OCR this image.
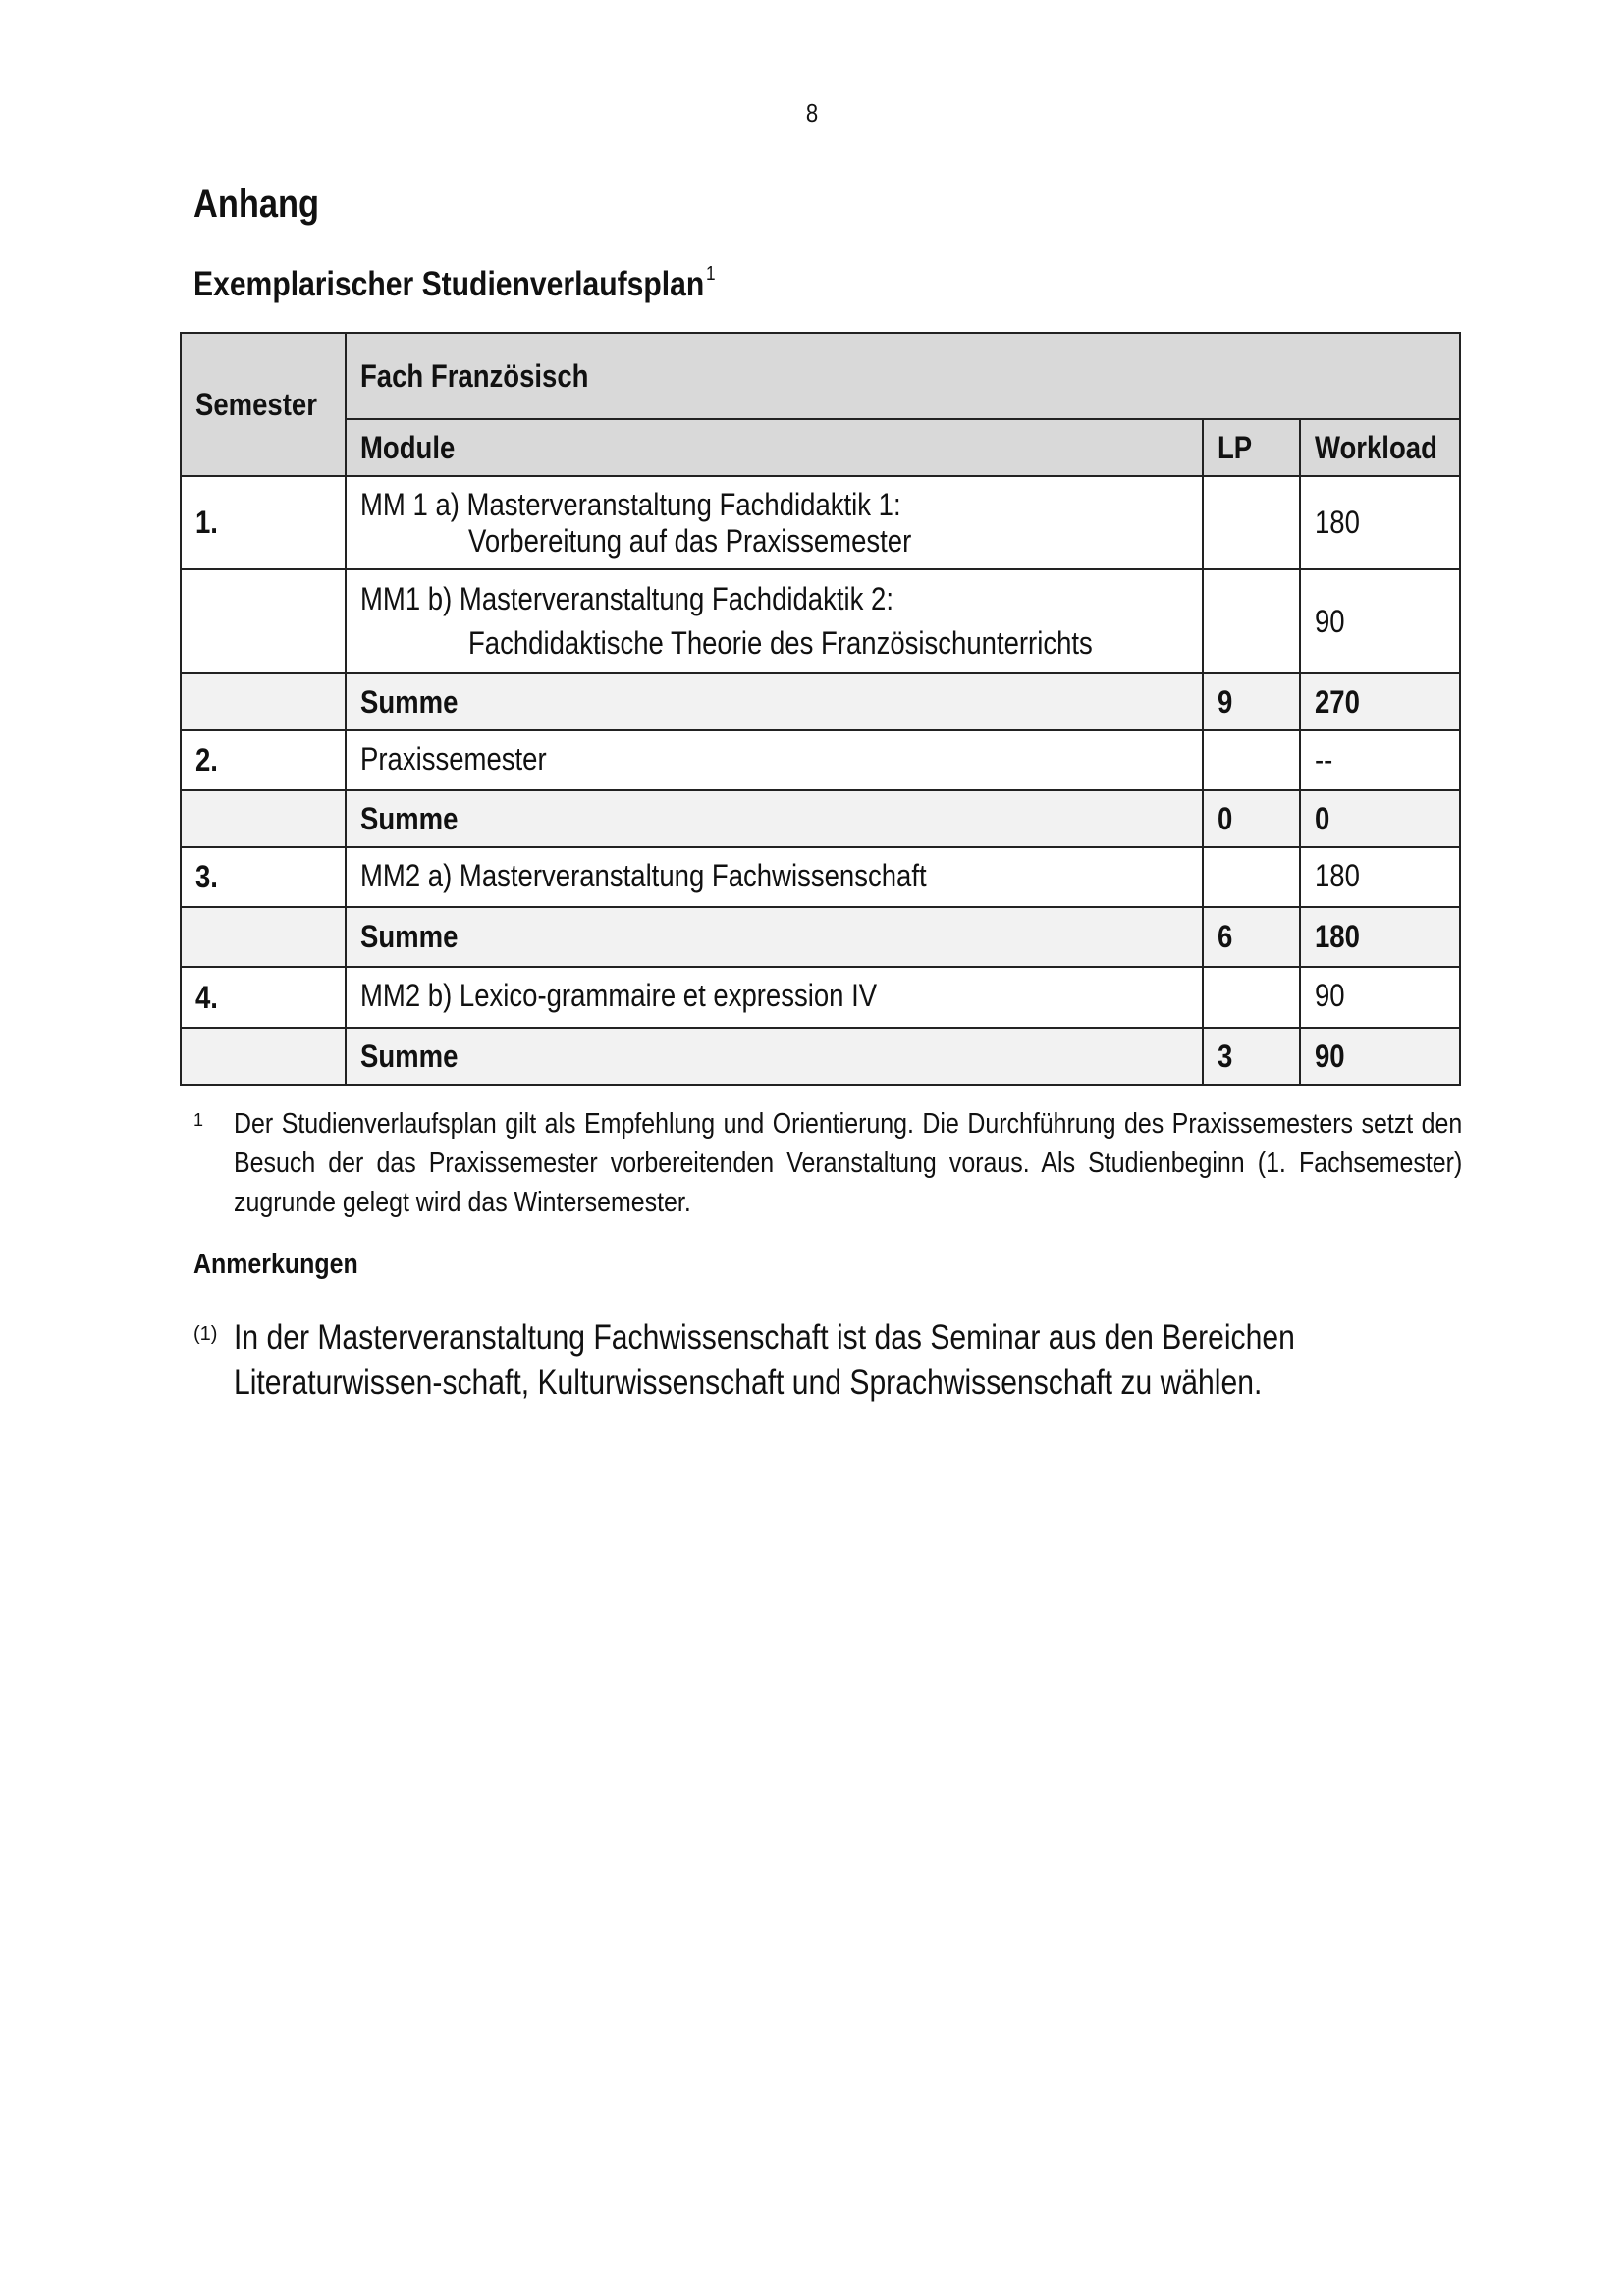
8
Anhang
Exemplarischer Studienverlaufsplan$^1$
Semester	Fach Französisch		
	Module	LP	Workload
1.	MM 1 a) Masterveranstaltung Fachdidaktik 1:
Vorbereitung auf das Praxissemester		180
	MM1 b) Masterveranstaltung Fachdidaktik 2:
Fachdidaktische Theorie des Französischunterrichts		90
	Summe	9	270
2.	Praxissemester		--
	Summe	0	0
3.	MM2 a) Masterveranstaltung Fachwissenschaft		180
	Summe	6	180
4.	MM2 b) Lexico-grammaire et expression IV		90
	Summe	3	90
1 Der Studienverlaufsplan gilt als Empfehlung und Orientierung. Die Durchführung des Praxissemesters setzt den Besuch der das Praxissemester vorbereitenden Veranstaltung voraus. Als Studienbeginn (1. Fachsemester) zugrunde gelegt wird das Wintersemester.
Anmerkungen
(1) In der Masterveranstaltung Fachwissenschaft ist das Seminar aus den Bereichen Literaturwissen-schaft, Kulturwissenschaft und Sprachwissenschaft zu wählen.
